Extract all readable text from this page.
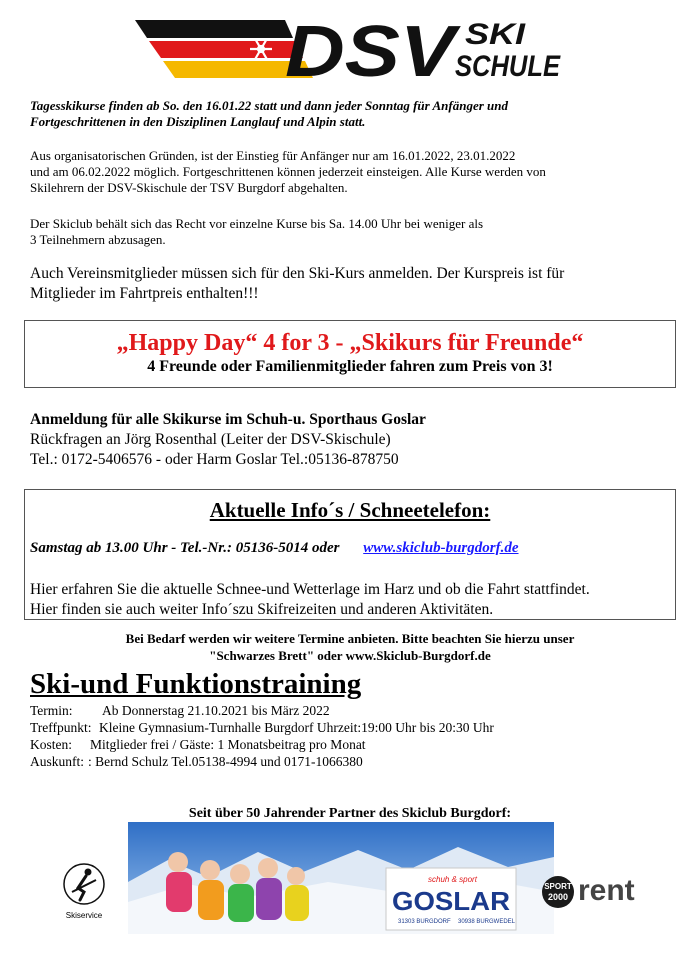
DSV SKI
SCHULE
Tagesskikurse finden ab So. den 16.01.22 statt und dann jeder Sonntag für Anfänger und
Fortgeschrittenen in den Disziplinen Langlauf und Alpin statt.
Aus organisatorischen Gründen, ist der Einstieg für Anfänger nur am 16.01.2022, 23.01.2022
und am 06.02.2022 möglich. Fortgeschrittenen können jederzeit einsteigen. Alle Kurse werden von
Skilehrern der DSV-Skischule der TSV Burgdorf abgehalten.
Der Skiclub behält sich das Recht vor einzelne Kurse bis Sa. 14.00 Uhr bei weniger als
3 Teilnehmern abzusagen.
Auch Vereinsmitglieder müssen sich für den Ski-Kurs anmelden. Der Kurspreis ist für
Mitglieder im Fahrtpreis enthalten!!!
„Happy Day“ 4 for 3 - „Skikurs für Freunde“
4 Freunde oder Familienmitglieder fahren zum Preis von 3!
Anmeldung für alle Skikurse im Schuh-u. Sporthaus Goslar
Rückfragen an Jörg Rosenthal (Leiter der DSV-Skischule)
Tel.: 0172-5406576 - oder Harm Goslar Tel.:05136-878750
Aktuelle Info´s / Schneetelefon:
Samstag ab 13.00 Uhr - Tel.-Nr.: 05136-5014 oder www.skiclub-burgdorf.de
Hier erfahren Sie die aktuelle Schnee-und Wetterlage im Harz und ob die Fahrt stattfindet.
Hier finden sie auch weiter Info´szu Skifreizeiten und anderen Aktivitäten.
Bei Bedarf werden wir weitere Termine anbieten. Bitte beachten Sie hierzu unser
"Schwarzes Brett" oder www.Skiclub-Burgdorf.de
Ski-und Funktionstraining
Termin: Ab Donnerstag 21.10.2021 bis März 2022
Treffpunkt: Kleine Gymnasium-Turnhalle Burgdorf Uhrzeit:19:00 Uhr bis 20:30 Uhr
Kosten: Mitglieder frei / Gäste: 1 Monatsbeitrag pro Monat
Auskunft: : Bernd Schulz Tel.05138-4994 und 0171-1066380
Seit über 50 Jahrender Partner des Skiclub Burgdorf:
schuh & sport
GOSLAR
31303 BURGDORF 30938 BURGWEDEL
Skiservice
SPORT
2000 rent
